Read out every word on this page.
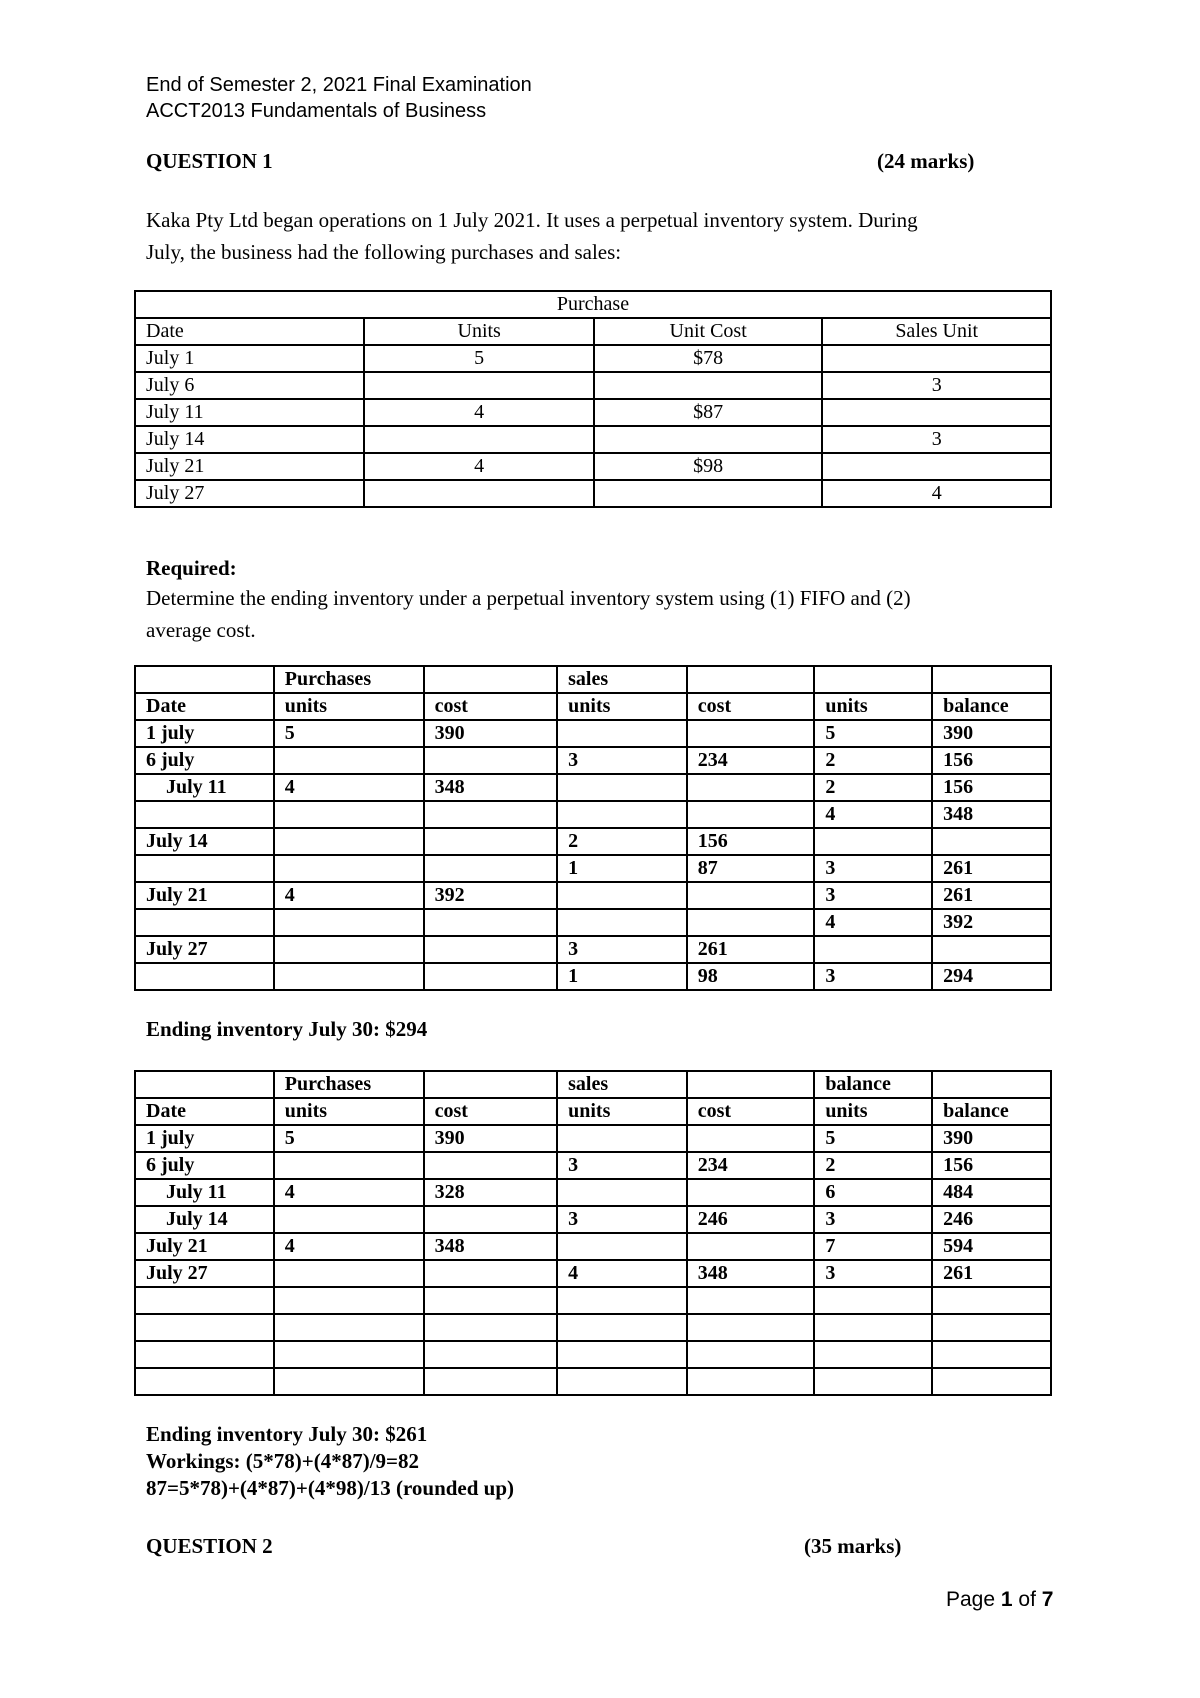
End of Semester 2, 2021 Final Examination
ACCT2013 Fundamentals of Business
QUESTION 1	(24 marks)
Kaka Pty Ltd began operations on 1 July 2021. It uses a perpetual inventory system. During
July, the business had the following purchases and sales:
Purchase			
Date	Units	Unit Cost	Sales Unit
July 1	5	$78	
July 6			3
July 11	4	$87	
July 14			3
July 21	4	$98	
July 27			4
Required:
Determine the ending inventory under a perpetual inventory system using (1) FIFO and (2)
average cost.
	Purchases		sales			
Date	units	cost	units	cost	units	balance
1 july	5	390			5	390
6 july			3	234	2	156
July 11	4	348			2	156
					4	348
July 14			2	156		
			1	87	3	261
July 21	4	392			3	261
					4	392
July 27			3	261		
			1	98	3	294
Ending inventory July 30: $294
	Purchases		sales		balance	
Date	units	cost	units	cost	units	balance
1 july	5	390			5	390
6 july			3	234	2	156
July 11	4	328			6	484
July 14			3	246	3	246
July 21	4	348			7	594
July 27			4	348	3	261

Ending inventory July 30: $261
Workings: (5*78)+(4*87)/9=82
87=5*78)+(4*87)+(4*98)/13 (rounded up)
QUESTION 2	(35 marks)
Page 1 of 7
